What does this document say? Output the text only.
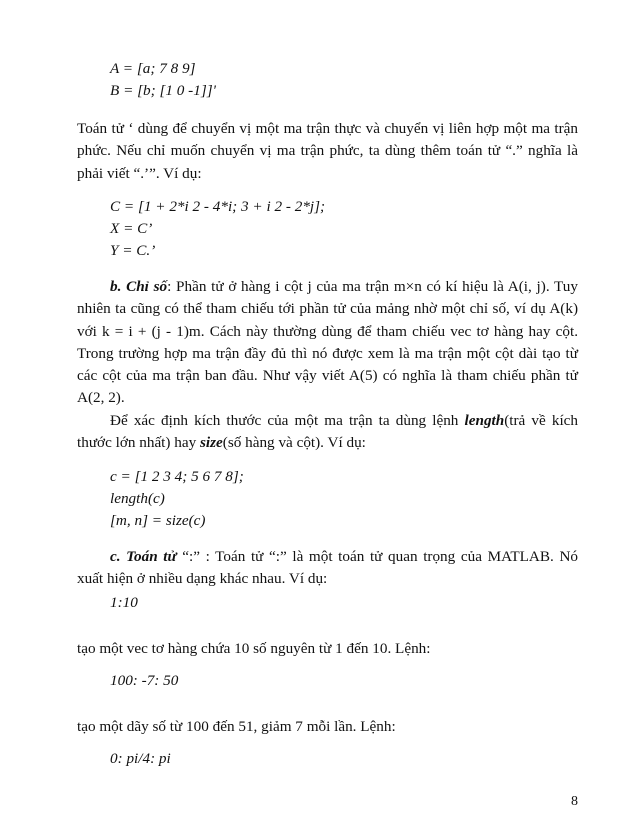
A = [a; 7 8 9]
B = [b; [1 0 -1]]'
Toán tử ‘ dùng để chuyển vị một ma trận thực và chuyển vị liên hợp một ma trận phức. Nếu chỉ muốn chuyển vị ma trận phức, ta dùng thêm toán tử “.” nghĩa là phải viết “.’”. Ví dụ:
C = [1 + 2*i 2 - 4*i; 3 + i 2 - 2*j];
X = C’
Y = C.’
b. Chỉ số: Phần tử ở hàng i cột j của ma trận m×n có kí hiệu là A(i, j). Tuy nhiên ta cũng có thể tham chiếu tới phần tử của mảng nhờ một chỉ số, ví dụ A(k) với k = i + (j - 1)m. Cách này thường dùng để tham chiếu vec tơ hàng hay cột. Trong trường hợp ma trận đầy đủ thì nó được xem là ma trận một cột dài tạo từ các cột của ma trận ban đầu. Như vậy viết A(5) có nghĩa là tham chiếu phần tử A(2, 2).
Để xác định kích thước của một ma trận ta dùng lệnh length(trả về kích thước lớn nhất) hay size(số hàng và cột). Ví dụ:
c = [1 2 3 4; 5 6 7 8];
length(c)
[m, n] = size(c)
c. Toán tử “:” : Toán tử “:” là một toán tử quan trọng của MATLAB. Nó xuất hiện ở nhiều dạng khác nhau. Ví dụ:
1:10
tạo một vec tơ hàng chứa 10 số nguyên từ 1 đến 10. Lệnh:
100: -7: 50
tạo một dãy số từ 100 đến 51, giảm 7 mỗi lần. Lệnh:
0: pi/4: pi
8
